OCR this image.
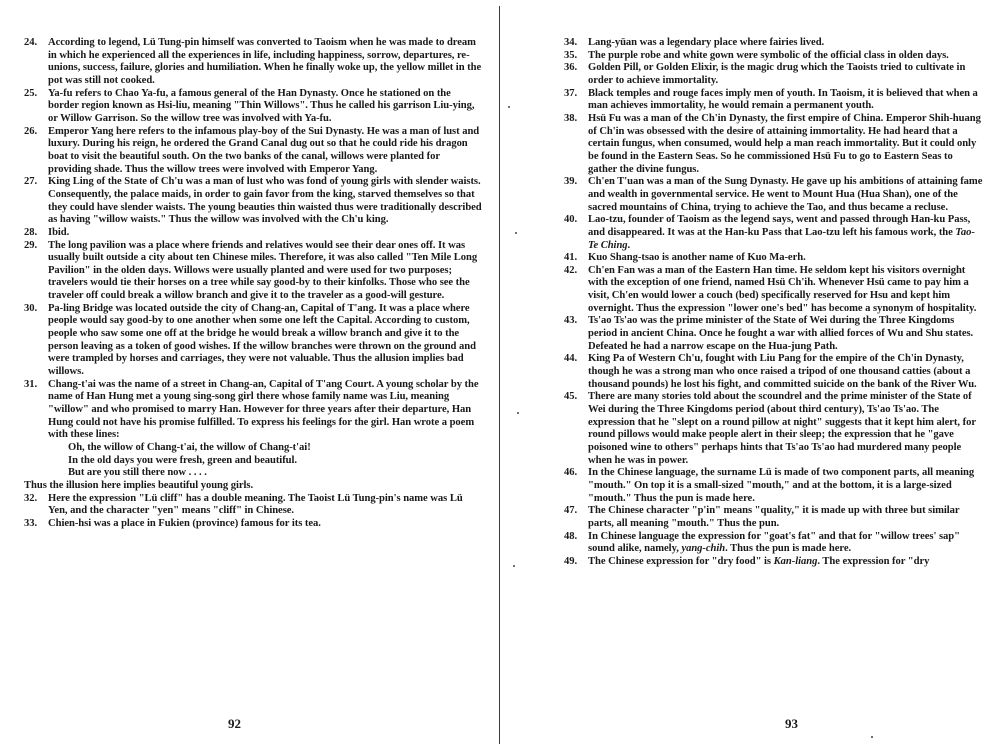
24. According to legend, Lü Tung-pin himself was converted to Taoism when he was made to dream in which he experienced all the experiences in life, including happiness, sorrow, departures, re-unions, success, failure, glories and humiliation. When he finally woke up, the yellow millet in the pot was still not cooked.
25. Ya-fu refers to Chao Ya-fu, a famous general of the Han Dynasty. Once he stationed on the border region known as Hsi-liu, meaning "Thin Willows". Thus he called his garrison Liu-ying, or Willow Garrison. So the willow tree was involved with Ya-fu.
26. Emperor Yang here refers to the infamous play-boy of the Sui Dynasty. He was a man of lust and luxury. During his reign, he ordered the Grand Canal dug out so that he could ride his dragon boat to visit the beautiful south. On the two banks of the canal, willows were planted for providing shade. Thus the willow trees were involved with Emperor Yang.
27. King Ling of the State of Ch'u was a man of lust who was fond of young girls with slender waists. Consequently, the palace maids, in order to gain favor from the king, starved themselves so that they could have slender waists. The young beauties thin waisted thus were traditionally described as having "willow waists." Thus the willow was involved with the Ch'u king.
28. Ibid.
29. The long pavilion was a place where friends and relatives would see their dear ones off. It was usually built outside a city about ten Chinese miles. Therefore, it was also called "Ten Mile Long Pavilion" in the olden days. Willows were usually planted and were used for two purposes; travelers would tie their horses on a tree while say good-by to their kinfolks. Those who see the traveler off could break a willow branch and give it to the traveler as a good-will gesture.
30. Pa-ling Bridge was located outside the city of Chang-an, Capital of T'ang. It was a place where people would say good-by to one another when some one left the Capital. According to custom, people who saw some one off at the bridge he would break a willow branch and give it to the person leaving as a token of good wishes. If the willow branches were thrown on the ground and were trampled by horses and carriages, they were not valuable. Thus the allusion implies bad willows.
31. Chang-t'ai was the name of a street in Chang-an, Capital of T'ang Court. A young scholar by the name of Han Hung met a young sing-song girl there whose family name was Liu, meaning "willow" and who promised to marry Han. However for three years after their departure, Han Hung could not have his promise fulfilled. To express his feelings for the girl. Han wrote a poem with these lines:
Oh, the willow of Chang-t'ai, the willow of Chang-t'ai!
In the old days you were fresh, green and beautiful.
But are you still there now . . . .
Thus the illusion here implies beautiful young girls.
32. Here the expression "Lü cliff" has a double meaning. The Taoist Lü Tung-pin's name was Lü Yen, and the character "yen" means "cliff" in Chinese.
33. Chien-hsi was a place in Fukien (province) famous for its tea.
92
34. Lang-yüan was a legendary place where fairies lived.
35. The purple robe and white gown were symbolic of the official class in olden days.
36. Golden Pill, or Golden Elixir, is the magic drug which the Taoists tried to cultivate in order to achieve immortality.
37. Black temples and rouge faces imply men of youth. In Taoism, it is believed that when a man achieves immortality, he would remain a permanent youth.
38. Hsü Fu was a man of the Ch'in Dynasty, the first empire of China. Emperor Shih-huang of Ch'in was obsessed with the desire of attaining immortality. He had heard that a certain fungus, when consumed, would help a man reach immortality. But it could only be found in the Eastern Seas. So he commissioned Hsü Fu to go to Eastern Seas to gather the divine fungus.
39. Ch'en T'uan was a man of the Sung Dynasty. He gave up his ambitions of attaining fame and wealth in governmental service. He went to Mount Hua (Hua Shan), one of the sacred mountains of China, trying to achieve the Tao, and thus became a recluse.
40. Lao-tzu, founder of Taoism as the legend says, went and passed through Han-ku Pass, and disappeared. It was at the Han-ku Pass that Lao-tzu left his famous work, the Tao-Te Ching.
41. Kuo Shang-tsao is another name of Kuo Ma-erh.
42. Ch'en Fan was a man of the Eastern Han time. He seldom kept his visitors overnight with the exception of one friend, named Hsü Ch'ih. Whenever Hsü came to pay him a visit, Ch'en would lower a couch (bed) specifically reserved for Hsu and kept him overnight. Thus the expression "lower one's bed" has become a synonym of hospitality.
43. Ts'ao Ts'ao was the prime minister of the State of Wei during the Three Kingdoms period in ancient China. Once he fought a war with allied forces of Wu and Shu states. Defeated he had a narrow escape on the Hua-jung Path.
44. King Pa of Western Ch'u, fought with Liu Pang for the empire of the Ch'in Dynasty, though he was a strong man who once raised a tripod of one thousand catties (about a thousand pounds) he lost his fight, and committed suicide on the bank of the River Wu.
45. There are many stories told about the scoundrel and the prime minister of the State of Wei during the Three Kingdoms period (about third century), Ts'ao Ts'ao. The expression that he "slept on a round pillow at night" suggests that it kept him alert, for round pillows would make people alert in their sleep; the expression that he "gave poisoned wine to others" perhaps hints that Ts'ao Ts'ao had murdered many people when he was in power.
46. In the Chinese language, the surname Lü is made of two component parts, all meaning "mouth." On top it is a small-sized "mouth," and at the bottom, it is a large-sized "mouth." Thus the pun is made here.
47. The Chinese character "p'in" means "quality," it is made up with three but similar parts, all meaning "mouth." Thus the pun.
48. In Chinese language the expression for "goat's fat" and that for "willow trees' sap" sound alike, namely, yang-chih. Thus the pun is made here.
49. The Chinese expression for "dry food" is Kan-liang. The expression for "dry
93
